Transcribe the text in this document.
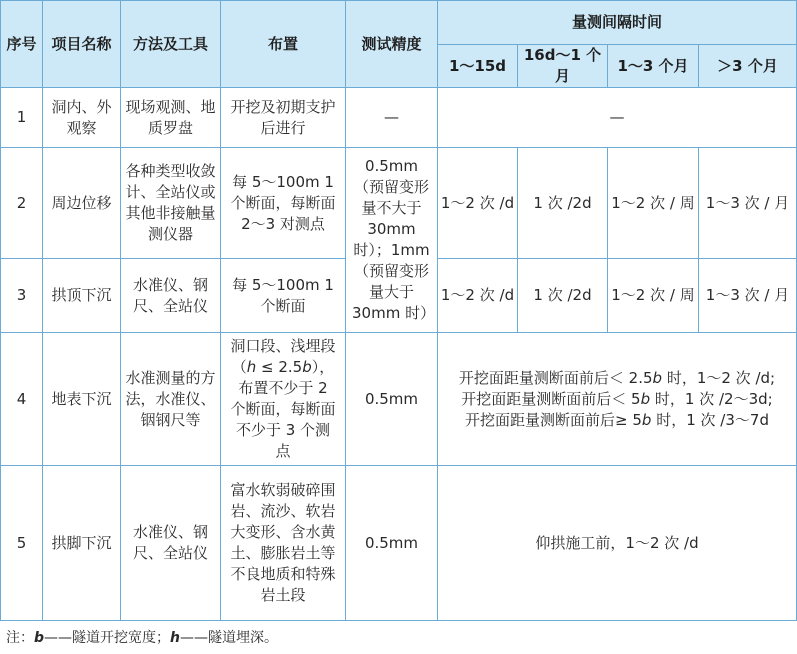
序号	项目名称	方法及工具	布置	测试精度	量测间隔时间			
					1～15d	16d～1 个月	1～3 个月	＞3 个月
1	洞内、外观察	现场观测、地质罗盘	开挖及初期支护后进行	—	—			
2	周边位移	各种类型收敛计、全站仪或其他非接触量测仪器	每 5～100m 1 个断面，每断面 2～3 对测点	0.5mm（预留变形量不大于 30mm 时）；1mm（预留变形量大于 30mm 时）	1～2 次 /d	1 次 /2d	1～2 次 / 周	1～3 次 / 月
3	拱顶下沉	水准仪、钢尺、全站仪	每 5～100m 1 个断面		1～2 次 /d	1 次 /2d	1～2 次 / 周	1～3 次 / 月
4	地表下沉	水准测量的方法，水准仪、铟钢尺等	洞口段、浅埋段（h ≤ 2.5b），布置不少于 2 个断面，每断面不少于 3 个测点	0.5mm	开挖面距量测断面前后＜ 2.5b 时，1～2 次 /d;
开挖面距量测断面前后＜ 5b 时，1 次 /2～3d;
开挖面距量测断面前后≥ 5b 时，1 次 /3～7d			

5	拱脚下沉	水准仪、钢尺、全站仪	富水软弱破碎围岩、流沙、软岩大变形、含水黄土、膨胀岩土等不良地质和特殊岩土段	0.5mm	仰拱施工前，1～2 次 /d			
注：b——隧道开挖宽度；h——隧道埋深。
